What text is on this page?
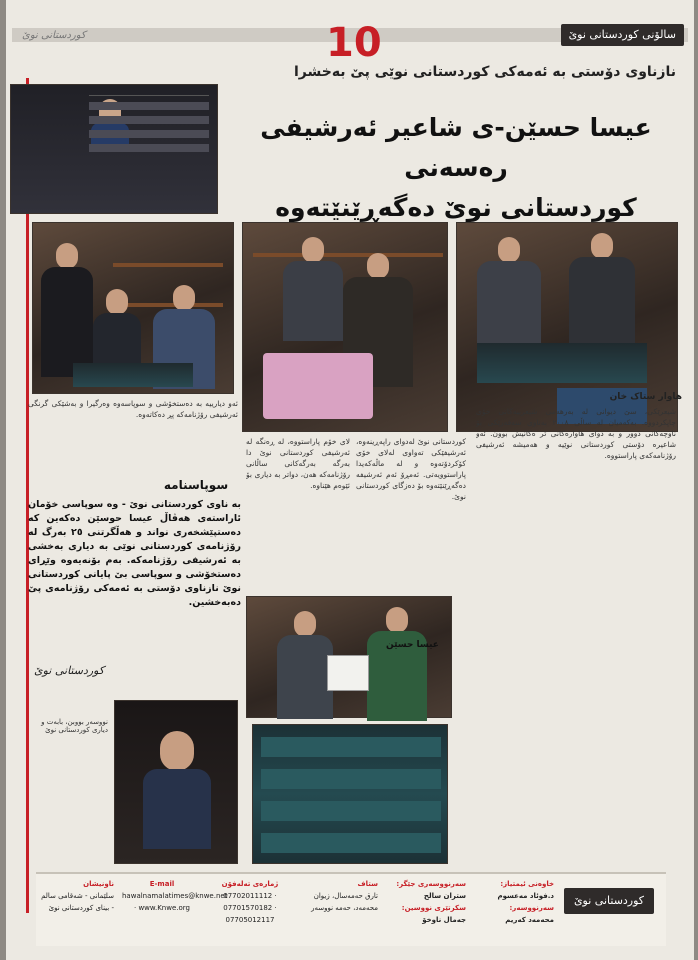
کوردستانی نوێ	10	سالۆنی کوردستانی نوێ
نازناوی دۆستی بە ئەمەکی کوردستانی نوێی پێ بەخشرا
عیسا حسێن-ی شاعیر ئەرشیفی رەسەنی
کوردستانی نوێ دەگەڕێنێتەوە
هاوار ستاک خان
شیعرێکی، سێ دیوانی لە بەرهەمی شیعرییەکانی خۆی چاپکردووە. بەکەمیان لە ساڵی ٢٠٠٨ بەناوی سەفەرێکی بۆ ناوچەکانی دوور و بە دوای هاوارەکانی تر ەکانیش بوون. ئەو شاعیرە دۆستی کوردستانی نوێیە و هەمیشە ئەرشیفی رۆژنامەکەی پاراستووە.
کوردستانی نوێ لەدوای راپەڕینەوە، ئەرشیفێکی تەواوی لەلای خۆی کۆکردۆتەوە و لە ماڵەکەیدا پاراستوویەتی. ئەمڕۆ ئەم ئەرشیفە دەگەڕێنێتەوە بۆ دەزگای کوردستانی نوێ.
لای خۆم پاراستووە، لە ڕەنگە لە ئەرشیفی کوردستانی نوێ دا بەرگە بەرگەکانی ساڵانی رۆژنامەکە هەن، دواتر بە دیاری بۆ ئێوەم هێناوە.
ئەو دیارییە بە دەستخۆشی و سوپاسەوە وەرگیرا و بەشێکی گرنگی ئەرشیفی رۆژنامەکە پڕ دەکاتەوە.
سوپاسنامە
بە ناوی کوردستانی نوێ - وە سوپاسی خۆمان ئاراستەی هەڤاڵ عیسا حوسێن دەکەین کە دەستپێشخەری نواند و هەڵگرتنی ٢٥ بەرگ لە رۆژنامەی کوردستانی نوێی بە دیاری بەخشی بە ئەرشیفی رۆژنامەکە. بەم بۆنەیەوە وێڕای دەستخۆشی و سوپاسی بێ پایانی کوردستانی نوێ نازناوی دۆستی بە ئەمەکی رۆژنامەی پێ دەبەخشین.
کوردستانی نوێ
عیسا حسێن
نووسەر بووبن، بابەت و دیاری کوردستانی نوێ
کوردستانی نوێ
خاوەنی ئیمتیاز:
د.فوئاد مەعسوم
سەرنووسەر:
محەمەد کەریم
سەرنووسەری جێگر:
ستران سالح
سکرتێری نووسین:
جەمال ناوخۆ
ستاف
تارق حەمەسال، زیوان محەمەد، حەمە نووسەر
ژمارەی تەلەفۆن
07702011112 · 07701570182 · 07705012117
E-mail
hawalnamalatimes@knwe.net · www.Knwe.org
ناونیشان
سلێمانی - شەقامی سالم - بینای کوردستانی نوێ
